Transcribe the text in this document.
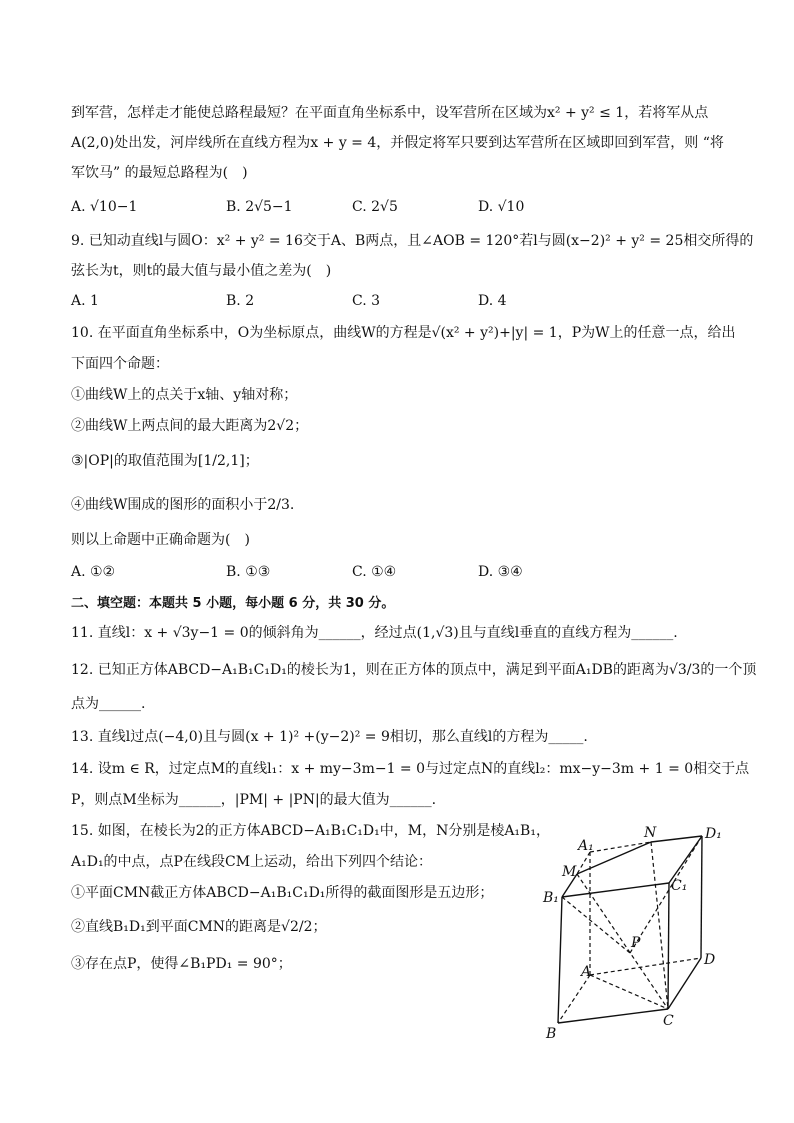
到军营，怎样走才能使总路程最短？在平面直角坐标系中，设军营所在区域为x² + y² ≤ 1，若将军从点
A(2,0)处出发，河岸线所在直线方程为x + y = 4，并假定将军只要到达军营所在区域即回到军营，则 “将
军饮马” 的最短总路程为(　)
A. √10−1	B. 2√5−1	C. 2√5	D. √10
9. 已知动直线l与圆O：x² + y² = 16交于A、B两点，且∠AOB = 120°若l与圆(x−2)² + y² = 25相交所得的
弦长为t，则t的最大值与最小值之差为(　)
A. 1	B. 2	C. 3	D. 4
10. 在平面直角坐标系中，O为坐标原点，曲线W的方程是√(x² + y²)+|y| = 1，P为W上的任意一点，给出
下面四个命题：
①曲线W上的点关于x轴、y轴对称；
②曲线W上两点间的最大距离为2√2；
③|OP|的取值范围为[1/2,1]；
④曲线W围成的图形的面积小于2/3.
则以上命题中正确命题为(　)
A. ①②	B. ①③	C. ①④	D. ③④
二、填空题：本题共 5 小题，每小题 6 分，共 30 分。
11. 直线l：x + √3y−1 = 0的倾斜角为______，经过点(1,√3)且与直线l垂直的直线方程为______.
12. 已知正方体ABCD−A₁B₁C₁D₁的棱长为1，则在正方体的顶点中，满足到平面A₁DB的距离为√3/3的一个顶
点为______.
13. 直线l过点(−4,0)且与圆(x + 1)² +(y−2)² = 9相切，那么直线l的方程为_____.
14. 设m ∈ R，过定点M的直线l₁：x + my−3m−1 = 0与过定点N的直线l₂：mx−y−3m + 1 = 0相交于点
P，则点M坐标为______，|PM| + |PN|的最大值为______.
15. 如图，在棱长为2的正方体ABCD−A₁B₁C₁D₁中，M，N分别是棱A₁B₁，
A₁D₁的中点，点P在线段CM上运动，给出下列四个结论：
①平面CMN截正方体ABCD−A₁B₁C₁D₁所得的截面图形是五边形；
②直线B₁D₁到平面CMN的距离是√2/2；
③存在点P，使得∠B₁PD₁ = 90°；
A₁
N	D₁
M
C₁
B₁
P
A
D
B
C
